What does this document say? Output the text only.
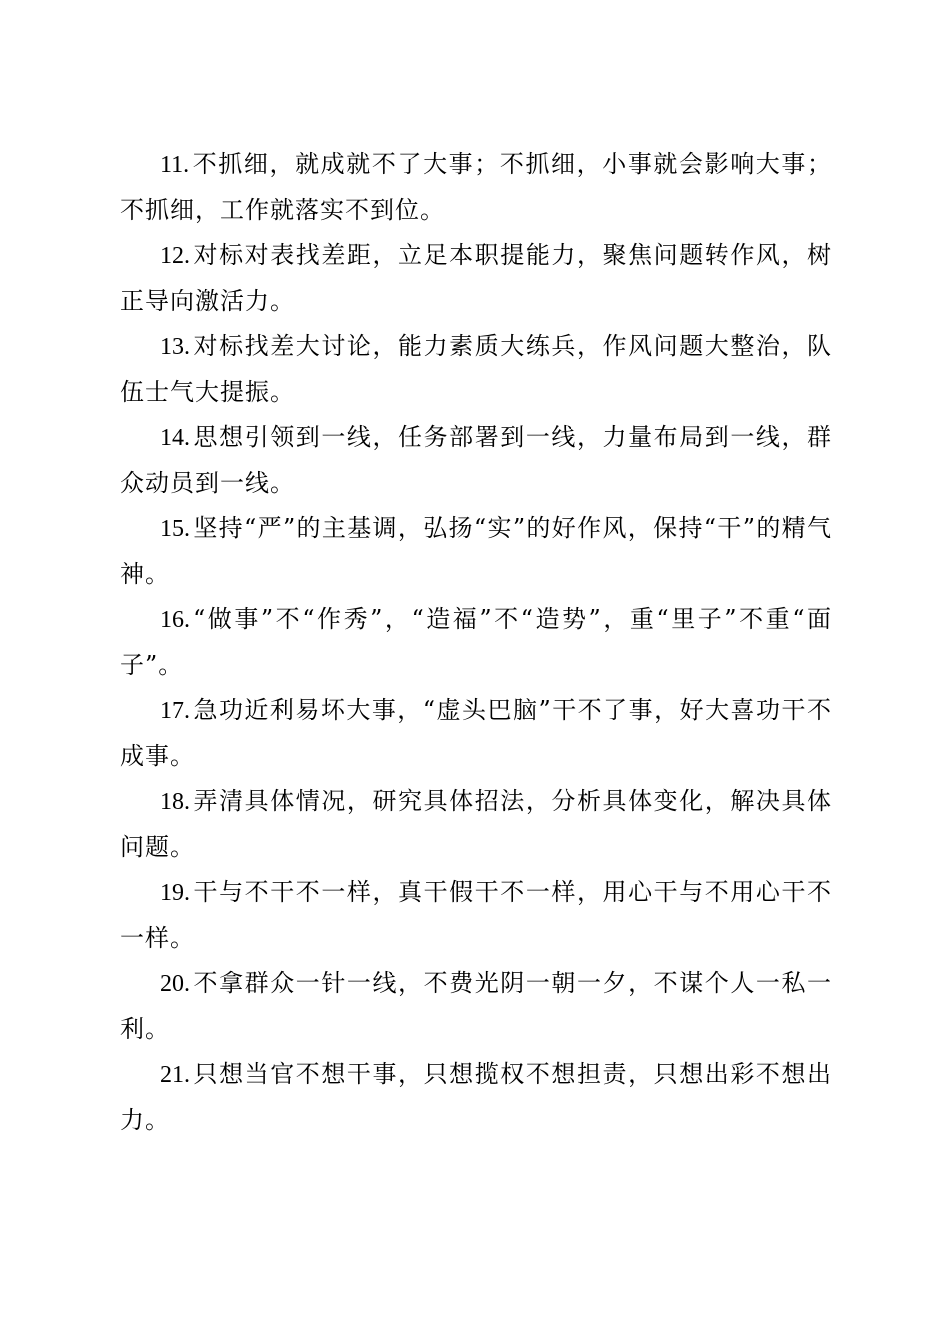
11. 不抓细，就成就不了大事；不抓细，小事就会影响大事；不抓细，工作就落实不到位。

12. 对标对表找差距，立足本职提能力，聚焦问题转作风，树正导向激活力。

13. 对标找差大讨论，能力素质大练兵，作风问题大整治，队伍士气大提振。

14. 思想引领到一线，任务部署到一线，力量布局到一线，群众动员到一线。

15. 坚持“严”的主基调，弘扬“实”的好作风，保持“干”的精气神。

16. “做事”不“作秀”，“造福”不“造势”，重“里子”不重“面子”。

17. 急功近利易坏大事，“虚头巴脑”干不了事，好大喜功干不成事。

18. 弄清具体情况，研究具体招法，分析具体变化，解决具体问题。

19. 干与不干不一样，真干假干不一样，用心干与不用心干不一样。

20. 不拿群众一针一线，不费光阴一朝一夕，不谋个人一私一利。

21. 只想当官不想干事，只想揽权不想担责，只想出彩不想出力。
